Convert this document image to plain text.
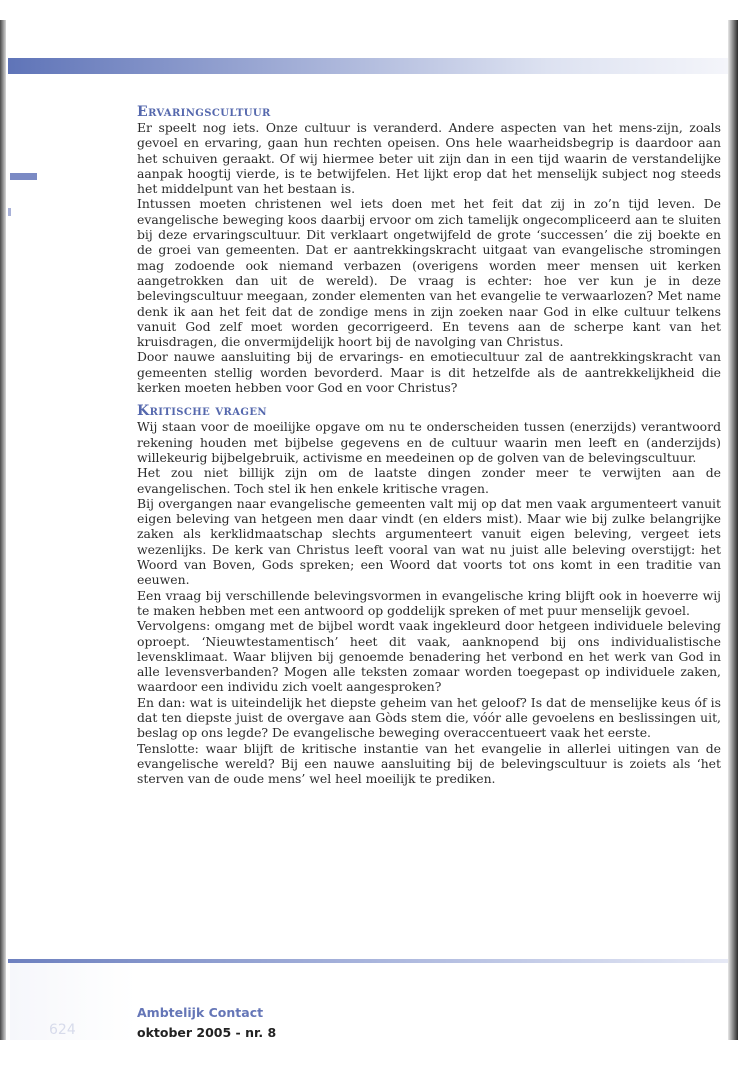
Ervaringscultuur

Er speelt nog iets. Onze cultuur is veranderd. Andere aspecten van het mens-zijn, zoals gevoel en ervaring, gaan hun rechten opeisen. Ons hele waarheidsbegrip is daardoor aan het schuiven geraakt. Of wij hiermee beter uit zijn dan in een tijd waarin de verstandelijke aanpak hoogtij vierde, is te betwijfelen. Het lijkt erop dat het menselijk subject nog steeds het middelpunt van het bestaan is.

Intussen moeten christenen wel iets doen met het feit dat zij in zo’n tijd leven. De evangelische beweging koos daarbij ervoor om zich tamelijk ongecompliceerd aan te sluiten bij deze ervaringscultuur. Dit verklaart ongetwijfeld de grote ‘successen’ die zij boekte en de groei van gemeenten. Dat er aantrekkingskracht uitgaat van evangelische stromingen mag zodoende ook niemand verbazen (overigens worden meer mensen uit kerken aangetrokken dan uit de wereld). De vraag is echter: hoe ver kun je in deze belevingscultuur meegaan, zonder elementen van het evangelie te verwaarlozen? Met name denk ik aan het feit dat de zondige mens in zijn zoeken naar God in elke cultuur telkens vanuit God zelf moet worden gecorrigeerd. En tevens aan de scherpe kant van het kruisdragen, die onvermijdelijk hoort bij de navolging van Christus.

Door nauwe aansluiting bij de ervarings- en emotiecultuur zal de aantrekkingskracht van gemeenten stellig worden bevorderd. Maar is dit hetzelfde als de aantrekkelijkheid die kerken moeten hebben voor God en voor Christus?

Kritische vragen

Wij staan voor de moeilijke opgave om nu te onderscheiden tussen (enerzijds) verantwoord rekening houden met bijbelse gegevens en de cultuur waarin men leeft en (anderzijds) willekeurig bijbelgebruik, activisme en meedeinen op de golven van de belevingscultuur.

Het zou niet billijk zijn om de laatste dingen zonder meer te verwijten aan de evangelischen. Toch stel ik hen enkele kritische vragen.

Bij overgangen naar evangelische gemeenten valt mij op dat men vaak argumenteert vanuit eigen beleving van hetgeen men daar vindt (en elders mist). Maar wie bij zulke belangrijke zaken als kerklidmaatschap slechts argumenteert vanuit eigen beleving, vergeet iets wezenlijks. De kerk van Christus leeft vooral van wat nu juist alle beleving overstijgt: het Woord van Boven, Gods spreken; een Woord dat voorts tot ons komt in een traditie van eeuwen.

Een vraag bij verschillende belevingsvormen in evangelische kring blijft ook in hoeverre wij te maken hebben met een antwoord op goddelijk spreken of met puur menselijk gevoel.

Vervolgens: omgang met de bijbel wordt vaak ingekleurd door hetgeen individuele beleving oproept. ‘Nieuwtestamentisch’ heet dit vaak, aanknopend bij ons individualistische levensklimaat. Waar blijven bij genoemde benadering het verbond en het werk van God in alle levensverbanden? Mogen alle teksten zomaar worden toegepast op individuele zaken, waardoor een individu zich voelt aangesproken?

En dan: wat is uiteindelijk het diepste geheim van het geloof? Is dat de menselijke keus óf is dat ten diepste juist de overgave aan Gòds stem die, vóór alle gevoelens en beslissingen uit, beslag op ons legde? De evangelische beweging overaccentueert vaak het eerste.

Tenslotte: waar blijft de kritische instantie van het evangelie in allerlei uitingen van de evangelische wereld? Bij een nauwe aansluiting bij de belevingscultuur is zoiets als ‘het sterven van de oude mens’ wel heel moeilijk te prediken.

624
Ambtelijk Contact
oktober 2005 - nr. 8
